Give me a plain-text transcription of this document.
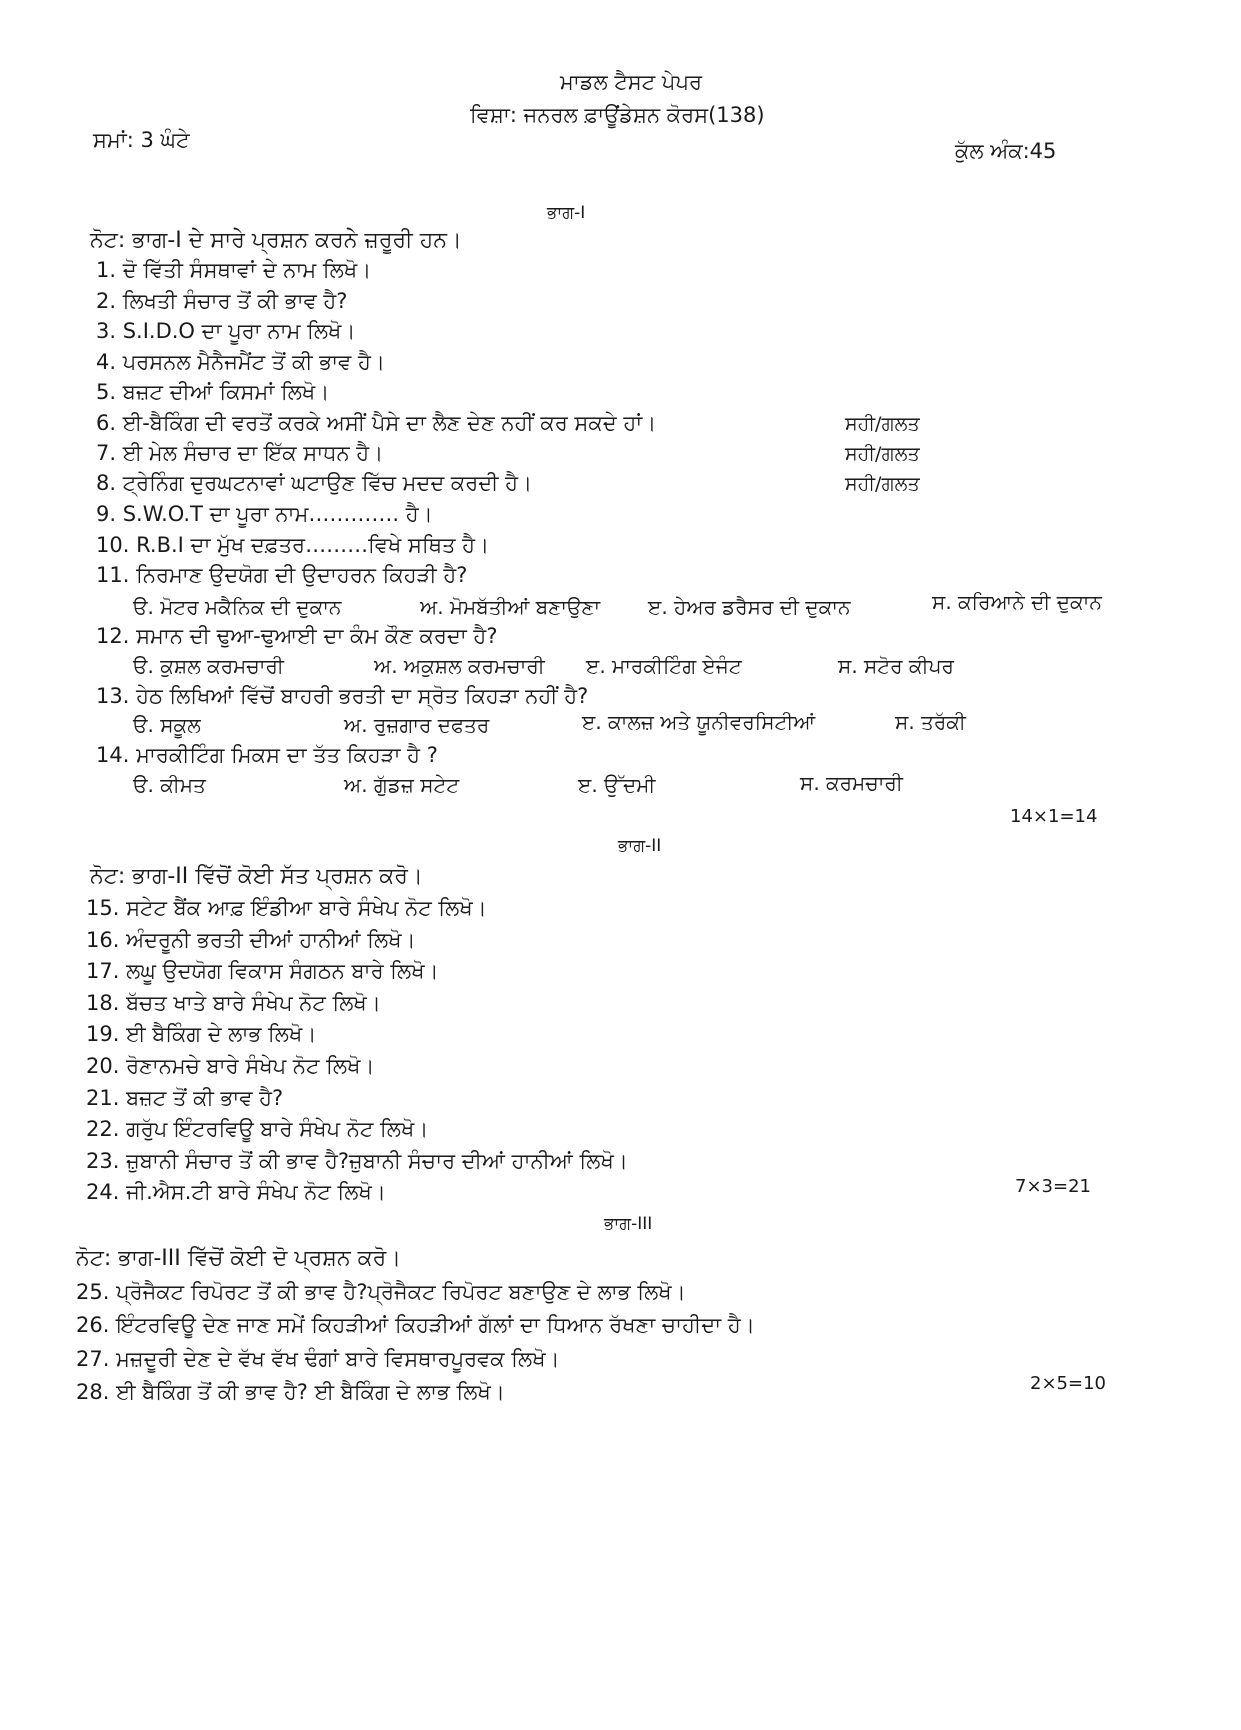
ਮਾਡਲ ਟੈਸਟ ਪੇਪਰ
ਵਿਸ਼ਾ: ਜਨਰਲ ਫ਼ਾਊਂਡੇਸ਼ਨ ਕੋਰਸ(138)
ਸਮਾਂ: 3 ਘੰਟੇ	ਕੁੱਲ ਅੰਕ:45
ਭਾਗ-I
ਨੋਟ: ਭਾਗ-I ਦੇ ਸਾਰੇ ਪ੍ਰਸ਼ਨ ਕਰਨੇ ਜ਼ਰੂਰੀ ਹਨ।
1. ਦੋ ਵਿੱਤੀ ਸੰਸਥਾਵਾਂ ਦੇ ਨਾਮ ਲਿਖੋ।
2. ਲਿਖਤੀ ਸੰਚਾਰ ਤੋਂ ਕੀ ਭਾਵ ਹੈ?
3. S.I.D.O ਦਾ ਪੂਰਾ ਨਾਮ ਲਿਖੋ।
4. ਪਰਸਨਲ ਮੈਨੈਜਮੈਂਟ ਤੋਂ ਕੀ ਭਾਵ ਹੈ।
5. ਬਜ਼ਟ ਦੀਆਂ ਕਿਸਮਾਂ ਲਿਖੋ।
6. ਈ-ਬੈਕਿੰਗ ਦੀ ਵਰਤੋਂ ਕਰਕੇ ਅਸੀਂ ਪੈਸੇ ਦਾ ਲੈਣ ਦੇਣ ਨਹੀਂ ਕਰ ਸਕਦੇ ਹਾਂ।	ਸਹੀ/ਗਲਤ
7. ਈ ਮੇਲ ਸੰਚਾਰ ਦਾ ਇੱਕ ਸਾਧਨ ਹੈ।	ਸਹੀ/ਗਲਤ
8. ਟ੍ਰੇਨਿੰਗ ਦੁਰਘਟਨਾਵਾਂ ਘਟਾਉਣ ਵਿੱਚ ਮਦਦ ਕਰਦੀ ਹੈ।	ਸਹੀ/ਗਲਤ
9. S.W.O.T ਦਾ ਪੂਰਾ ਨਾਮ…………. ਹੈ।
10. R.B.I ਦਾ ਮੁੱਖ ਦਫ਼ਤਰ………ਵਿਖੇ ਸਥਿਤ ਹੈ।
11. ਨਿਰਮਾਣ ਉਦਯੋਗ ਦੀ ਉਦਾਹਰਨ ਕਿਹੜੀ ਹੈ?
ੳ. ਮੋਟਰ ਮਕੈਨਿਕ ਦੀ ਦੁਕਾਨ	ਅ. ਮੋਮਬੱਤੀਆਂ ਬਣਾਉਣਾ ੲ. ਹੇਅਰ ਡਰੈਸਰ ਦੀ ਦੁਕਾਨ	ਸ. ਕਰਿਆਨੇ ਦੀ ਦੁਕਾਨ
12. ਸਮਾਨ ਦੀ ਢੁਆ-ਢੁਆਈ ਦਾ ਕੰਮ ਕੌਣ ਕਰਦਾ ਹੈ?
ੳ. ਕੁਸ਼ਲ ਕਰਮਚਾਰੀ	ਅ. ਅਕੁਸ਼ਲ ਕਰਮਚਾਰੀ ੲ. ਮਾਰਕੀਟਿੰਗ ਏਜੰਟ	ਸ. ਸਟੋਰ ਕੀਪਰ
13. ਹੇਠ ਲਿਖਿਆਂ ਵਿੱਚੋਂ ਬਾਹਰੀ ਭਰਤੀ ਦਾ ਸ੍ਰੋਤ ਕਿਹੜਾ ਨਹੀਂ ਹੈ?
ੳ. ਸਕੂਲ	ਅ. ਰੁਜ਼ਗਾਰ ਦਫਤਰ	ੲ. ਕਾਲਜ਼ ਅਤੇ ਯੂਨੀਵਰਸਿਟੀਆਂ	ਸ. ਤਰੱਕੀ
14. ਮਾਰਕੀਟਿੰਗ ਮਿਕਸ ਦਾ ਤੱਤ ਕਿਹੜਾ ਹੈ ?
ੳ. ਕੀਮਤ	ਅ. ਗੁੱਡਜ਼ ਸਟੇਟ	ੲ. ਉੱਦਮੀ	ਸ. ਕਰਮਚਾਰੀ
14×1=14
ਭਾਗ-II
ਨੋਟ: ਭਾਗ-II ਵਿੱਚੋਂ ਕੋਈ ਸੱਤ ਪ੍ਰਸ਼ਨ ਕਰੋ।
15. ਸਟੇਟ ਬੈਂਕ ਆਫ਼ ਇੰਡੀਆ ਬਾਰੇ ਸੰਖੇਪ ਨੋਟ ਲਿਖੋ।
16. ਅੰਦਰੂਨੀ ਭਰਤੀ ਦੀਆਂ ਹਾਨੀਆਂ ਲਿਖੋ।
17. ਲਘੂ ਉਦਯੋਗ ਵਿਕਾਸ ਸੰਗਠਨ ਬਾਰੇ ਲਿਖੋ।
18. ਬੱਚਤ ਖਾਤੇ ਬਾਰੇ ਸੰਖੇਪ ਨੋਟ ਲਿਖੋ।
19. ਈ ਬੈਕਿੰਗ ਦੇ ਲਾਭ ਲਿਖੋ।
20. ਰੋਣਾਨਮਚੇ ਬਾਰੇ ਸੰਖੇਪ ਨੋਟ ਲਿਖੋ।
21. ਬਜ਼ਟ ਤੋਂ ਕੀ ਭਾਵ ਹੈ?
22. ਗਰੁੱਪ ਇੰਟਰਵਿਊ ਬਾਰੇ ਸੰਖੇਪ ਨੋਟ ਲਿਖੋ।
23. ਜ਼ੁਬਾਨੀ ਸੰਚਾਰ ਤੋਂ ਕੀ ਭਾਵ ਹੈ?ਜ਼ੁਬਾਨੀ ਸੰਚਾਰ ਦੀਆਂ ਹਾਨੀਆਂ ਲਿਖੋ।
24. ਜੀ.ਐਸ.ਟੀ ਬਾਰੇ ਸੰਖੇਪ ਨੋਟ ਲਿਖੋ।	7×3=21
ਭਾਗ-III
ਨੋਟ: ਭਾਗ-III ਵਿੱਚੋਂ ਕੋਈ ਦੋ ਪ੍ਰਸ਼ਨ ਕਰੋ।
25. ਪ੍ਰੋਜੈਕਟ ਰਿਪੋਰਟ ਤੋਂ ਕੀ ਭਾਵ ਹੈ?ਪ੍ਰੋਜੈਕਟ ਰਿਪੋਰਟ ਬਣਾਉਣ ਦੇ ਲਾਭ ਲਿਖੋ।
26. ਇੰਟਰਵਿਊ ਦੇਣ ਜਾਣ ਸਮੇਂ ਕਿਹੜੀਆਂ ਕਿਹੜੀਆਂ ਗੱਲਾਂ ਦਾ ਧਿਆਨ ਰੱਖਣਾ ਚਾਹੀਦਾ ਹੈ।
27. ਮਜ਼ਦੂਰੀ ਦੇਣ ਦੇ ਵੱਖ ਵੱਖ ਢੰਗਾਂ ਬਾਰੇ ਵਿਸਥਾਰਪੂਰਵਕ ਲਿਖੋ।
28. ਈ ਬੈਕਿੰਗ ਤੋਂ ਕੀ ਭਾਵ ਹੈ? ਈ ਬੈਕਿੰਗ ਦੇ ਲਾਭ ਲਿਖੋ।	2×5=10
